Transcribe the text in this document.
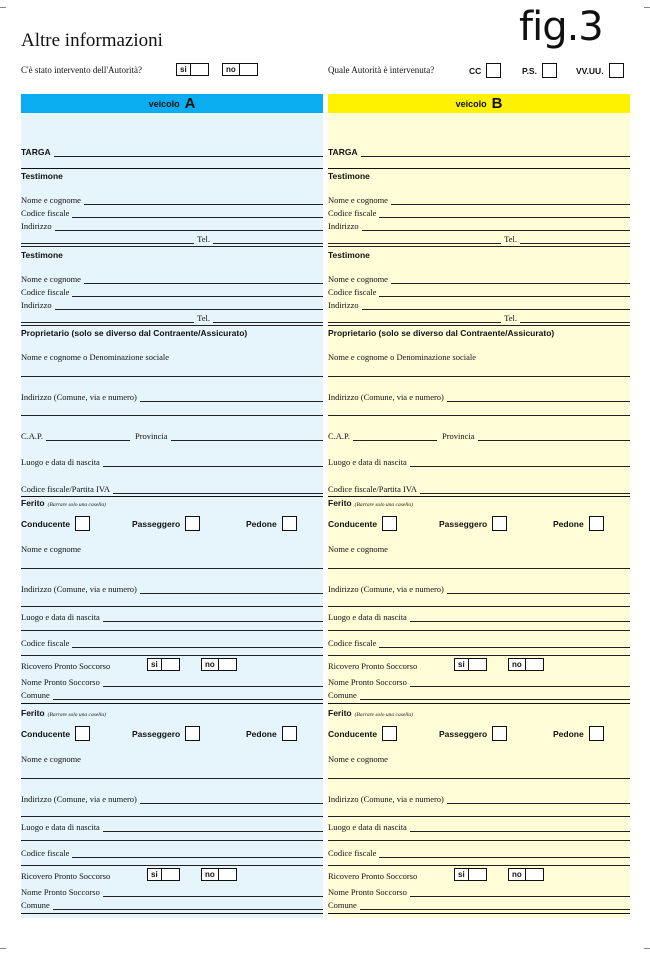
Altre informazioni	fig.3
C'è stato intervento dell'Autorità?	si	no	Quale Autorità è intervenuta?	CC	P.S.	VV.UU.
veicolo A
TARGA
Testimone
Nome e cognome
Codice fiscale
Indirizzo
Tel.
Testimone
Nome e cognome
Codice fiscale
Indirizzo
Tel.
Proprietario (solo se diverso dal Contraente/Assicurato)
Nome e cognome o Denominazione sociale
Indirizzo (Comune, via e numero)
C.A.P.	Provincia
Luogo e data di nascita
Codice fiscale/Partita IVA
Ferito (Barrare solo una casella)
Conducente	Passeggero	Pedone
Nome e cognome
Indirizzo (Comune, via e numero)
Luogo e data di nascita
Codice fiscale
Ricovero Pronto Soccorso	si	no
Nome Pronto Soccorso
Comune
Ferito (Barrare solo una casella)
Conducente	Passeggero	Pedone
Nome e cognome
Indirizzo (Comune, via e numero)
Luogo e data di nascita
Codice fiscale
Ricovero Pronto Soccorso	si	no
Nome Pronto Soccorso
Comune
veicolo B
TARGA
Testimone
Nome e cognome
Codice fiscale
Indirizzo
Tel.
Testimone
Nome e cognome
Codice fiscale
Indirizzo
Tel.
Proprietario (solo se diverso dal Contraente/Assicurato)
Nome e cognome o Denominazione sociale
Indirizzo (Comune, via e numero)
C.A.P.	Provincia
Luogo e data di nascita
Codice fiscale/Partita IVA
Ferito (Barrare solo una casella)
Conducente	Passeggero	Pedone
Nome e cognome
Indirizzo (Comune, via e numero)
Luogo e data di nascita
Codice fiscale
Ricovero Pronto Soccorso	si	no
Nome Pronto Soccorso
Comune
Ferito (Barrare solo una casella)
Conducente	Passeggero	Pedone
Nome e cognome
Indirizzo (Comune, via e numero)
Luogo e data di nascita
Codice fiscale
Ricovero Pronto Soccorso	si	no
Nome Pronto Soccorso
Comune
